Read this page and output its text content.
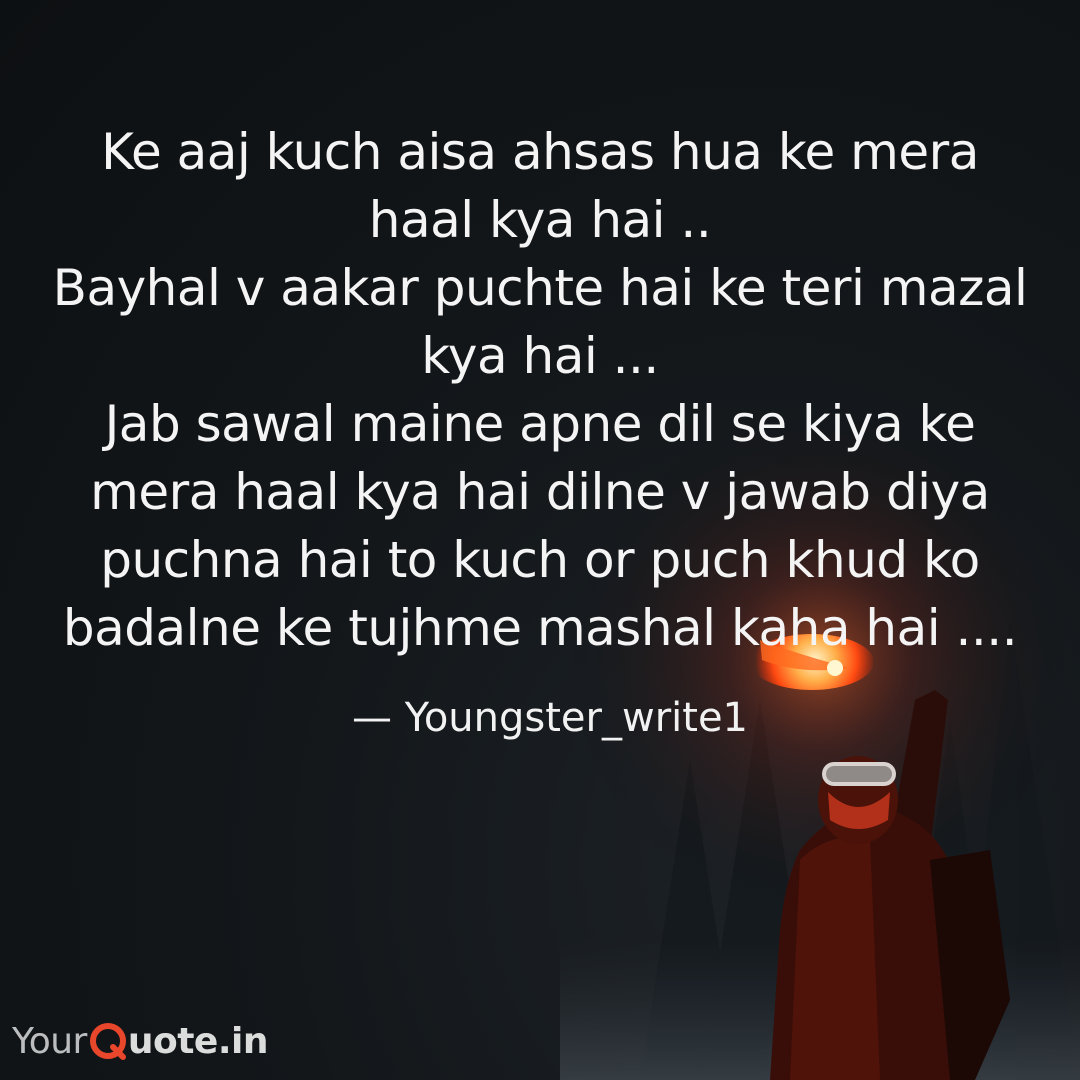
Ke aaj kuch aisa ahsas hua ke mera
haal kya hai ..
Bayhal v aakar puchte hai ke teri mazal
kya hai ...
Jab sawal maine apne dil se kiya ke
mera haal kya hai dilne v jawab diya
puchna hai to kuch or puch khud ko
badalne ke tujhme mashal kaha hai ....
— Youngster_write1
Your uote.in
